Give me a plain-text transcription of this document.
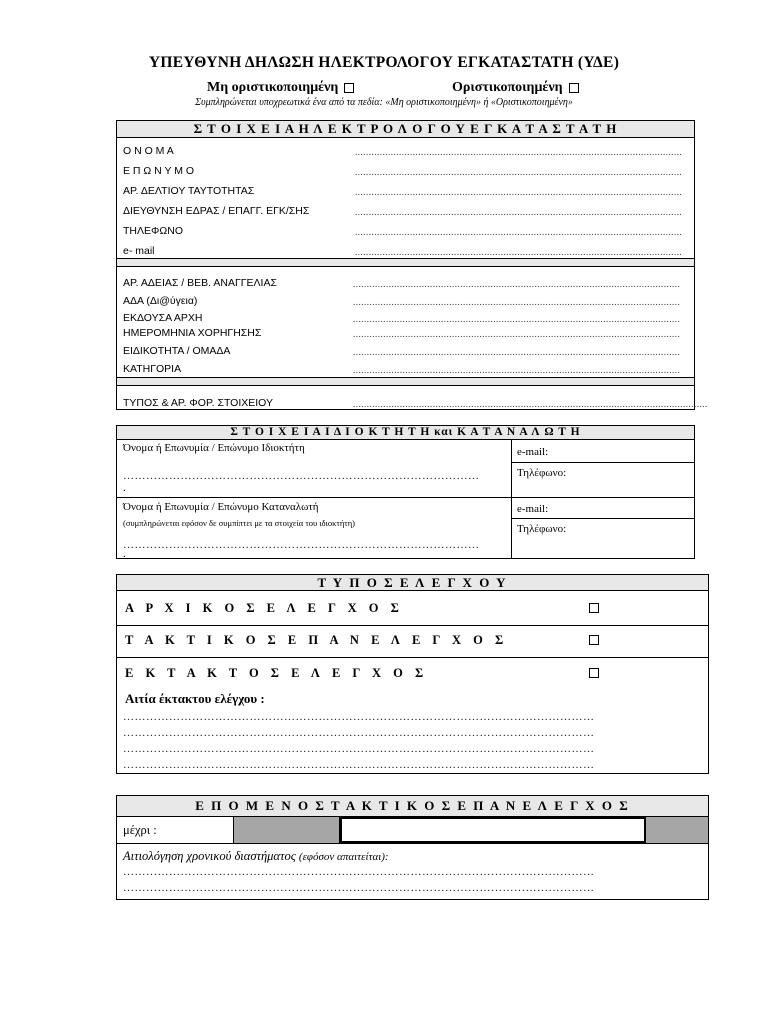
ΥΠΕΥΘΥΝΗ ΔΗΛΩΣΗ ΗΛΕΚΤΡΟΛΟΓΟΥ ΕΓΚΑΤΑΣΤΑΤΗ (ΥΔΕ)
Μη οριστικοποιημένη	Οριστικοποιημένη
Συμπληρώνεται υποχρεωτικά ένα από τα πεδία: «Μη οριστικοποιημένη» ή «Οριστικοποιημένη»
Σ Τ Ο Ι Χ Ε Ι Α Η Λ Ε Κ Τ Ρ Ο Λ Ο Γ Ο Υ Ε Γ Κ Α Τ Α Σ Τ Α Τ Η
Ο Ν Ο Μ Α	.......................................................................................................................
Ε Π Ω Ν Υ Μ Ο	.......................................................................................................................
ΑΡ. ΔΕΛΤΙΟΥ ΤΑΥΤΟΤΗΤΑΣ	.......................................................................................................................
ΔΙΕΥΘΥΝΣΗ ΕΔΡΑΣ / ΕΠΑΓΓ. ΕΓΚ/ΣΗΣ	.......................................................................................................................
ΤΗΛΕΦΩΝΟ	.......................................................................................................................
e- mail	.......................................................................................................................
ΑΡ. ΑΔΕΙΑΣ / ΒΕΒ. ΑΝΑΓΓΕΛΙΑΣ	.......................................................................................................................
ΑΔΑ (Δι@ύγεια)	.......................................................................................................................
ΕΚΔΟΥΣΑ ΑΡΧΗ	.......................................................................................................................
ΗΜΕΡΟΜΗΝΙΑ ΧΟΡΗΓΗΣΗΣ	.......................................................................................................................
ΕΙΔΙΚΟΤΗΤΑ / ΟΜΑΔΑ	.......................................................................................................................
ΚΑΤΗΓΟΡΙΑ	.......................................................................................................................
ΤΥΠΟΣ & ΑΡ. ΦΟΡ. ΣΤΟΙΧΕΙΟΥ	.................................................................................................................................
Σ Τ Ο Ι Χ Ε Ι Α Ι Δ Ι Ο Κ Τ Η Τ Η και Κ Α Τ Α Ν Α Λ Ω Τ Η
Όνομα ή Επωνυμία / Επώνυμο Ιδιοκτήτη
…………………………………………………………………………………
.
e-mail:
Τηλέφωνο:
Όνομα ή Επωνυμία / Επώνυμο Καταναλωτή
(συμπληρώνεται εφόσον δε συμπίπτει με τα στοιχεία του ιδιοκτήτη)
…………………………………………………………………………………
.
e-mail:
Τηλέφωνο:
Τ Υ Π Ο Σ Ε Λ Ε Γ Χ Ο Υ
Α Ρ Χ Ι Κ Ο Σ Ε Λ Ε Γ Χ Ο Σ
Τ Α Κ Τ Ι Κ Ο Σ Ε Π Α Ν Ε Λ Ε Γ Χ Ο Σ
Ε Κ Τ Α Κ Τ Ο Σ Ε Λ Ε Γ Χ Ο Σ
Αιτία έκτακτου ελέγχου :
……………………………………………………………………………………………………………
……………………………………………………………………………………………………………
……………………………………………………………………………………………………………
……………………………………………………………………………………………………………
Ε Π Ο Μ Ε Ν Ο Σ Τ Α Κ Τ Ι Κ Ο Σ Ε Π Α Ν Ε Λ Ε Γ Χ Ο Σ
μέχρι :
Αιτιολόγηση χρονικού διαστήματος (εφόσον απαιτείται):
……………………………………………………………………………………………………………
……………………………………………………………………………………………………………
